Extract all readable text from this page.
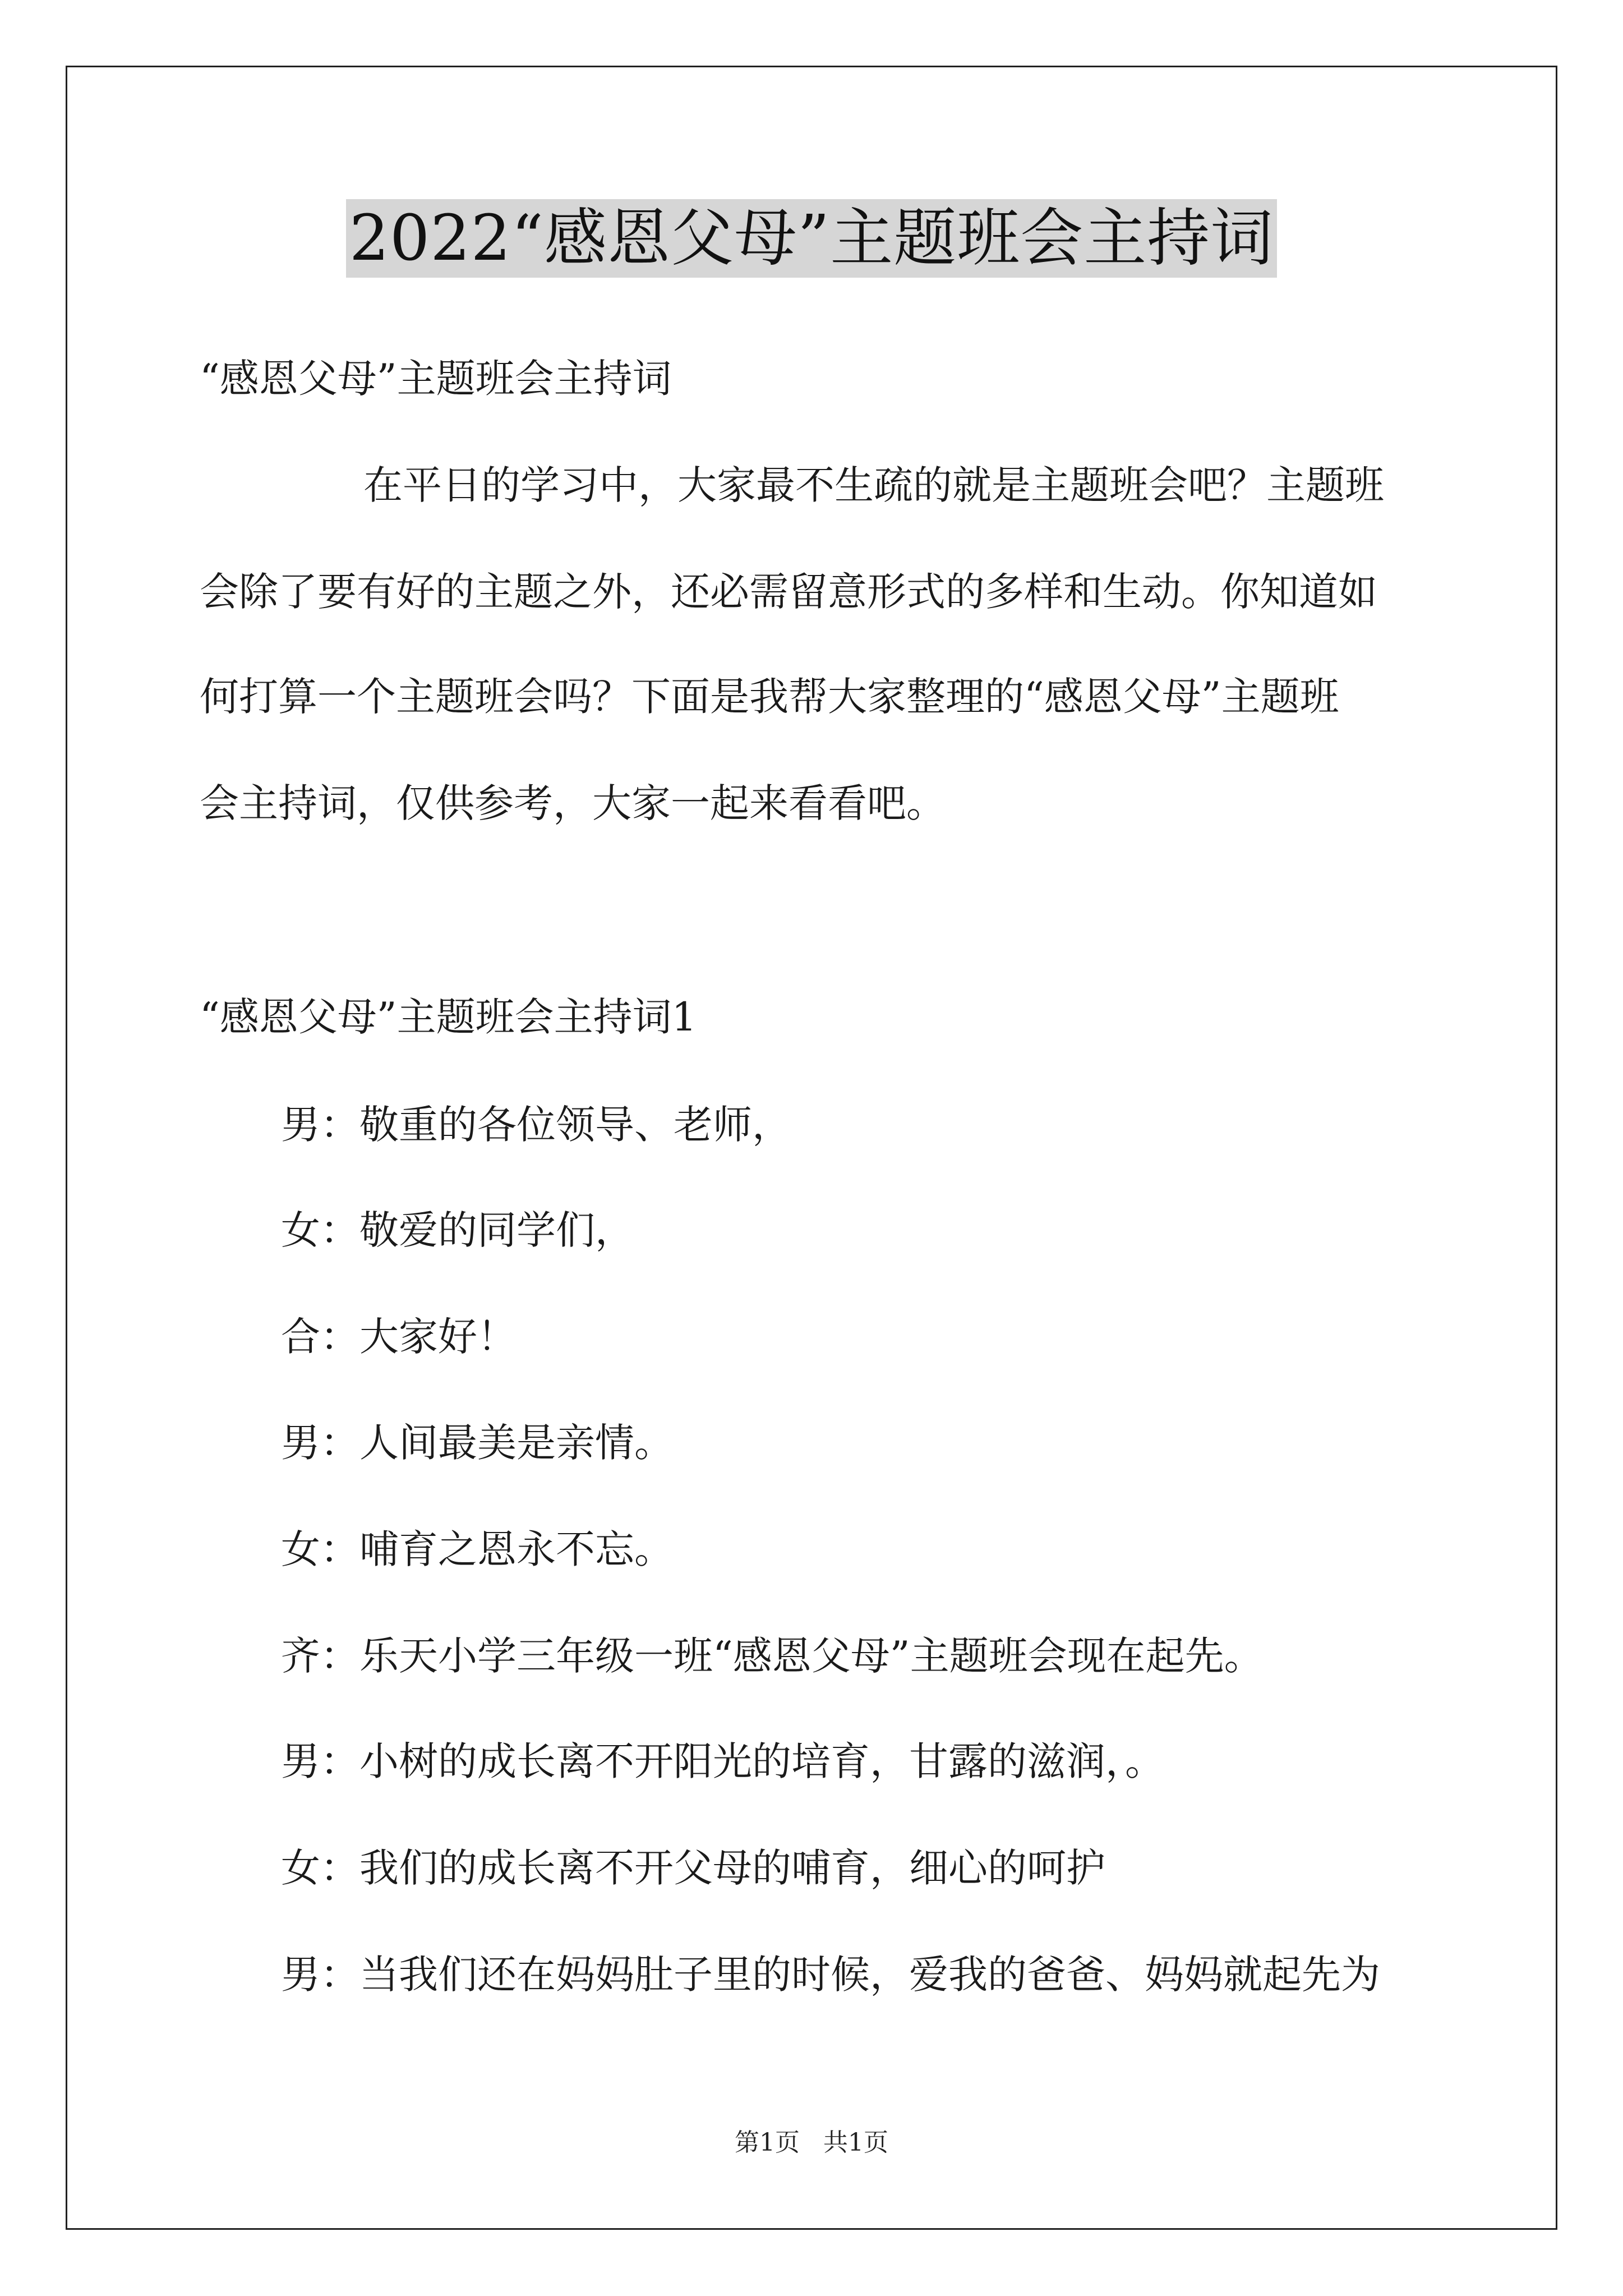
2022“感恩父母”主题班会主持词
“感恩父母”主题班会主持词
在平日的学习中，大家最不生疏的就是主题班会吧？主题班
会除了要有好的主题之外，还必需留意形式的多样和生动。你知道如
何打算一个主题班会吗？下面是我帮大家整理的“感恩父母”主题班
会主持词，仅供参考，大家一起来看看吧。
“感恩父母”主题班会主持词1
男：敬重的各位领导、老师，
女：敬爱的同学们，
合：大家好！
男：人间最美是亲情。
女：哺育之恩永不忘。
齐：乐天小学三年级一班“感恩父母”主题班会现在起先。
男：小树的成长离不开阳光的培育，甘露的滋润，。
女：我们的成长离不开父母的哺育，细心的呵护
男：当我们还在妈妈肚子里的时候，爱我的爸爸、妈妈就起先为
第1页   共1页
